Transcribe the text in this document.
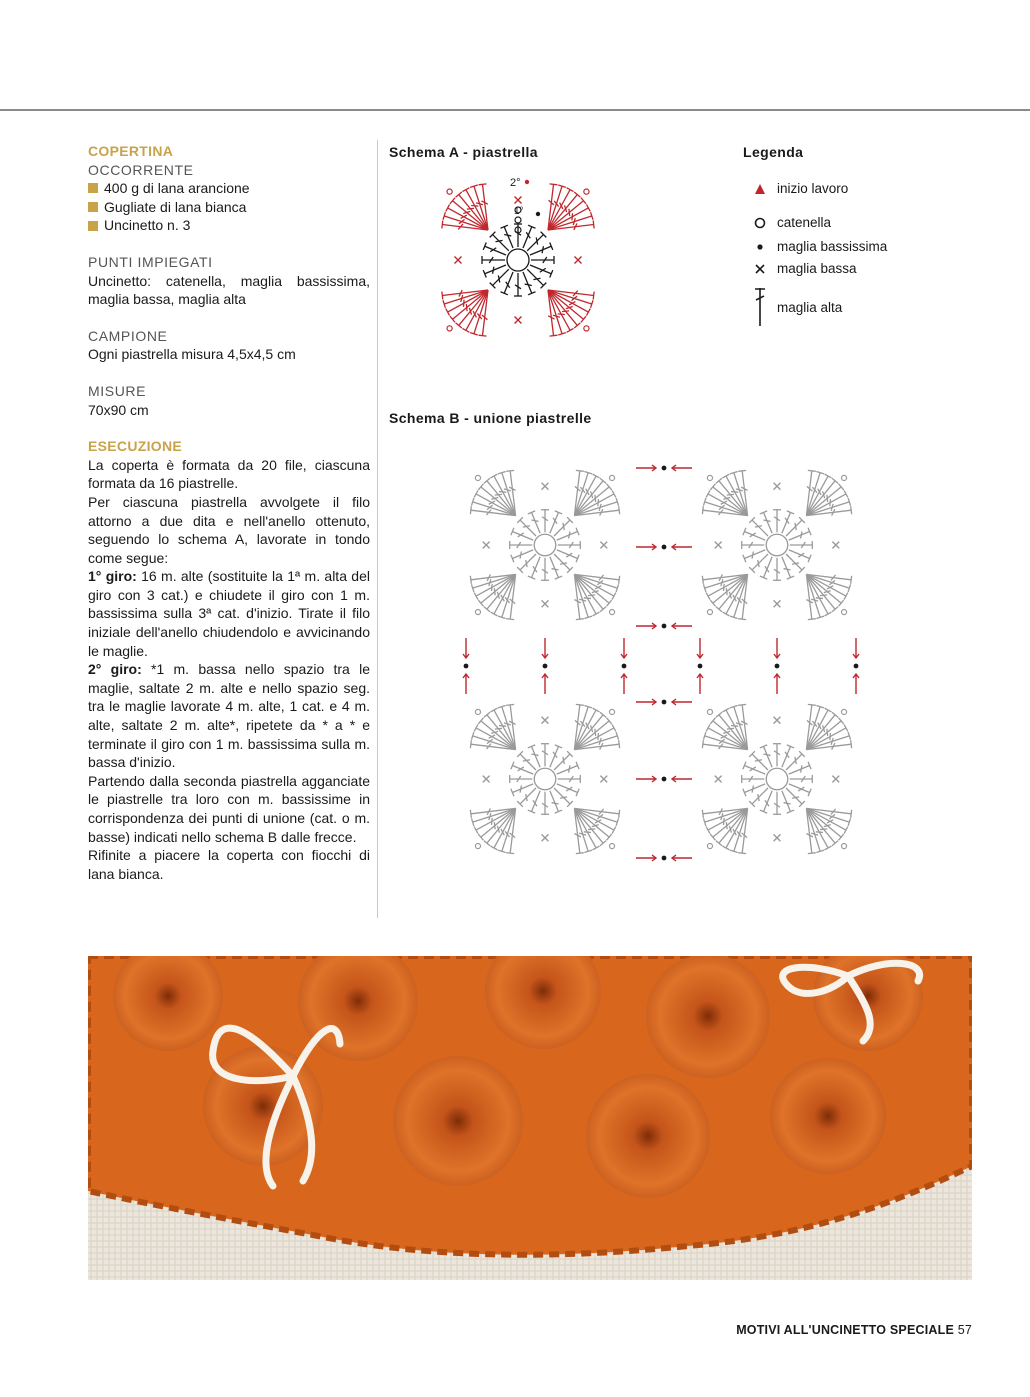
COPERTINA
OCCORRENTE
400 g di lana arancione
Gugliate di lana bianca
Uncinetto n. 3
PUNTI IMPIEGATI
Uncinetto: catenella, maglia bassissima, maglia bassa, maglia alta
CAMPIONE
Ogni piastrella misura 4,5x4,5 cm
MISURE
70x90 cm
ESECUZIONE
La coperta è formata da 20 file, ciascuna formata da 16 piastrelle.
Per ciascuna piastrella avvolgete il filo attorno a due dita e nell'anello ottenuto, seguendo lo schema A, lavorate in tondo come segue:
1° giro: 16 m. alte (sostituite la 1ª m. alta del giro con 3 cat.) e chiudete il giro con 1 m. bassissima sulla 3ª cat. d'inizio. Tirate il filo iniziale dell'anello chiudendolo e avvicinando le maglie.
2° giro: *1 m. bassa nello spazio tra le maglie, saltate 2 m. alte e nello spazio seg. tra le maglie lavorate 4 m. alte, 1 cat. e 4 m. alte, saltate 2 m. alte*, ripetete da * a * e terminate il giro con 1 m. bassissima sulla m. bassa d'inizio.
Partendo dalla seconda piastrella agganciate le piastrelle tra loro con m. bassissime in corrispondenza dei punti di unione (cat. o m. basse) indicati nello schema B dalle frecce.
Rifinite a piacere la coperta con fiocchi di lana bianca.
Schema A - piastrella
2°
1°
Legenda
inizio lavoro
catenella
maglia bassissima
maglia bassa
maglia alta
Schema B - unione piastrelle
MOTIVI ALL'UNCINETTO SPECIALE 57
